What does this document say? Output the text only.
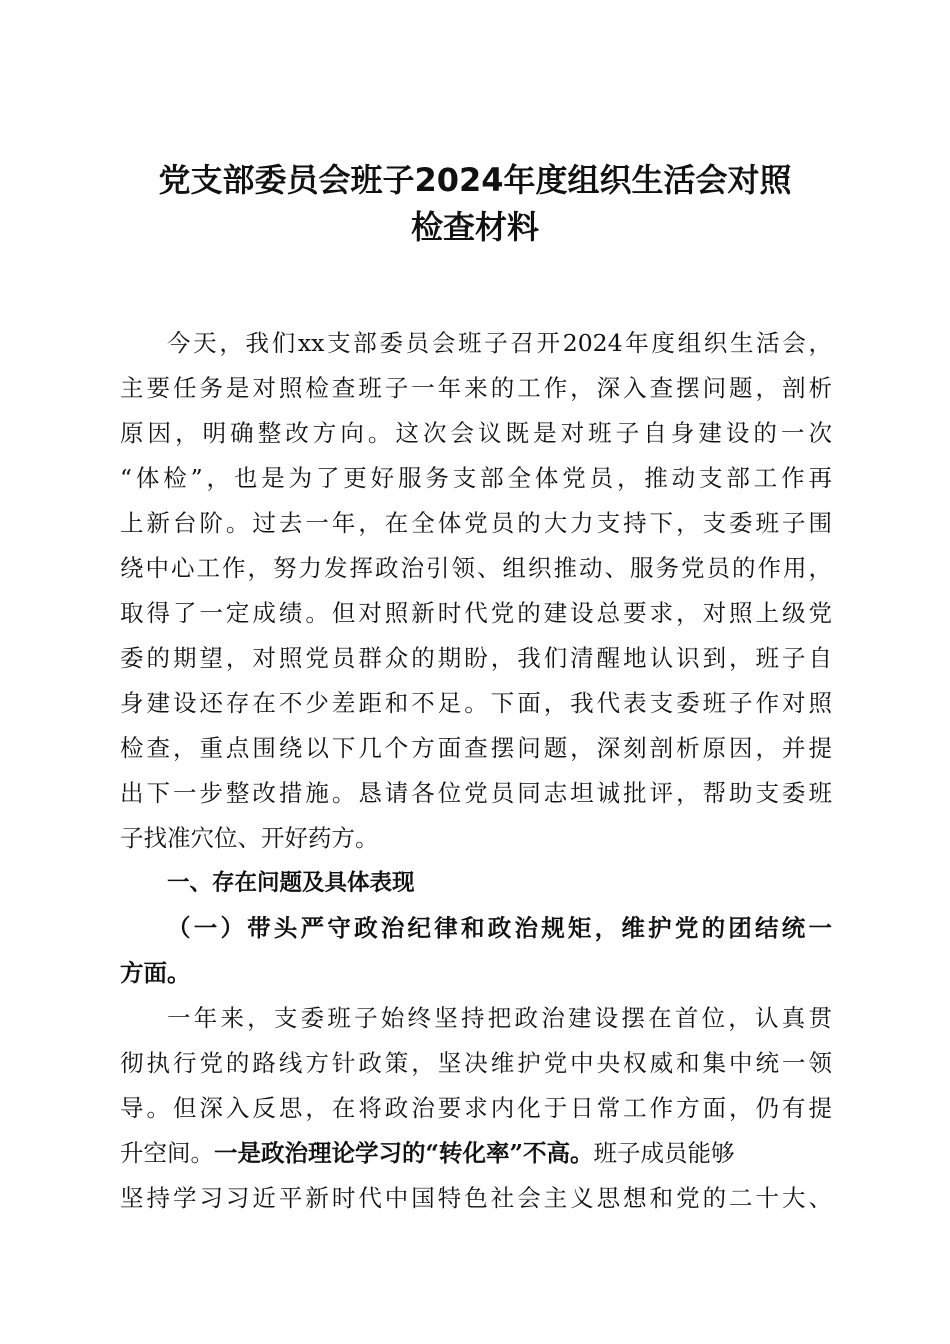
党支部委员会班子2024年度组织生活会对照
检查材料
今天，我们xx支部委员会班子召开2024年度组织生活会，
主要任务是对照检查班子一年来的工作，深入查摆问题，剖析
原因，明确整改方向。这次会议既是对班子自身建设的一次
“体检”，也是为了更好服务支部全体党员，推动支部工作再
上新台阶。过去一年，在全体党员的大力支持下，支委班子围
绕中心工作，努力发挥政治引领、组织推动、服务党员的作用，
取得了一定成绩。但对照新时代党的建设总要求，对照上级党
委的期望，对照党员群众的期盼，我们清醒地认识到，班子自
身建设还存在不少差距和不足。下面，我代表支委班子作对照
检查，重点围绕以下几个方面查摆问题，深刻剖析原因，并提
出下一步整改措施。恳请各位党员同志坦诚批评，帮助支委班
子找准穴位、开好药方。
一、存在问题及具体表现
（一）带头严守政治纪律和政治规矩，维护党的团结统一
方面。
一年来，支委班子始终坚持把政治建设摆在首位，认真贯
彻执行党的路线方针政策，坚决维护党中央权威和集中统一领
导。但深入反思，在将政治要求内化于日常工作方面，仍有提
升空间。一是政治理论学习的“转化率”不高。班子成员能够
坚持学习习近平新时代中国特色社会主义思想和党的二十大、
